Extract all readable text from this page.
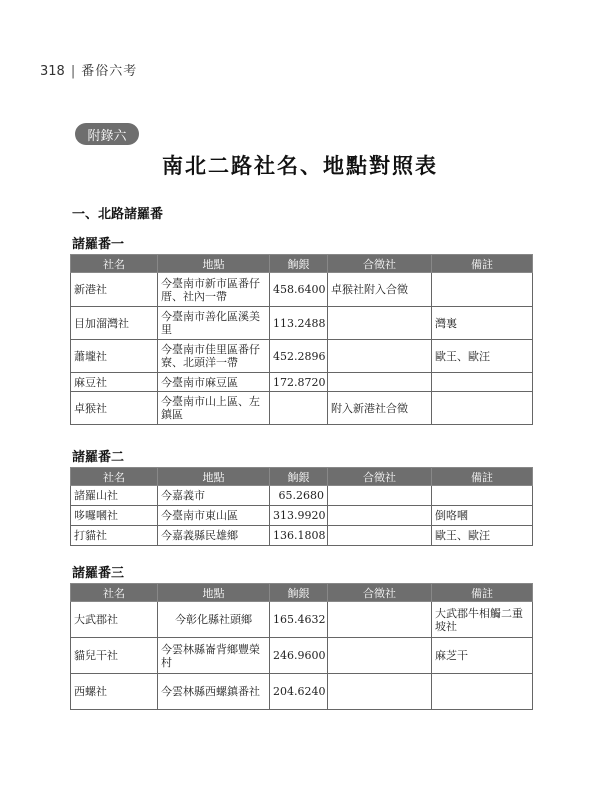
318 | 番俗六考
附錄六
南北二路社名、地點對照表
一、北路諸羅番
諸羅番一
社名	地點	餉銀	合徵社	備註
新港社	今臺南市新市區番仔厝、社內一帶	458.6400	卓猴社附入合徵	
目加溜灣社	今臺南市善化區溪美里	113.2488		灣裏
蕭壠社	今臺南市佳里區番仔寮、北頭洋一帶	452.2896		歐王、歐汪
麻豆社	今臺南市麻豆區	172.8720		
卓猴社	今臺南市山上區、左鎮區		附入新港社合徵	
諸羅番二
社名	地點	餉銀	合徵社	備註
諸羅山社	今嘉義市	65.2680		
哆囉嘓社	今臺南市東山區	313.9920		倒咯嘓
打貓社	今嘉義縣民雄鄉	136.1808		歐王、歐汪
諸羅番三
社名	地點	餉銀	合徵社	備註
大武郡社	今彰化縣社頭鄉	165.4632		大武郡牛相觸二重坡社
貓兒干社	今雲林縣崙背鄉豐榮村	246.9600		麻芝干
西螺社	今雲林縣西螺鎮番社	204.6240		
